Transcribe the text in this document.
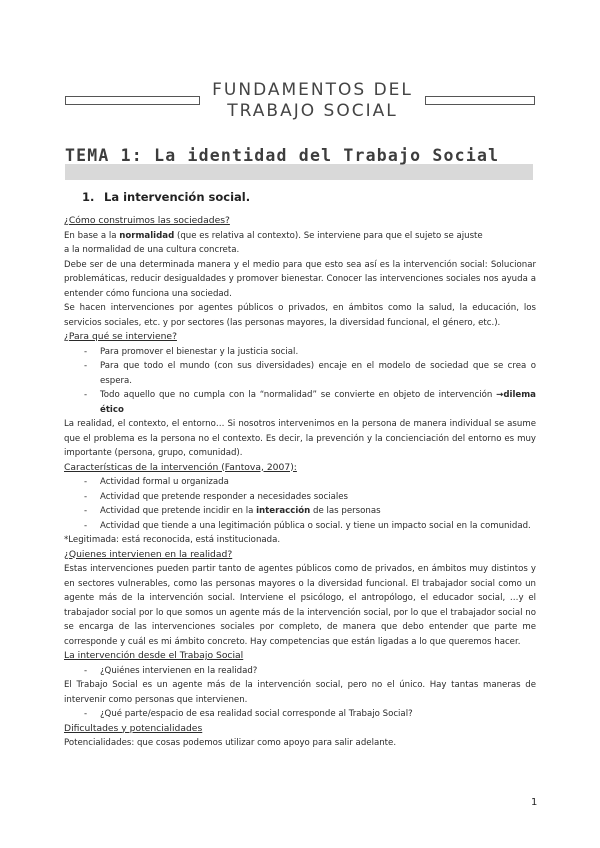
FUNDAMENTOS DEL
TRABAJO SOCIAL
TEMA 1: La identidad del Trabajo Social
1. La intervención social.

¿Cómo construimos las sociedades?

En base a la normalidad (que es relativa al contexto). Se interviene para que el sujeto se ajuste

a la normalidad de una cultura concreta.

Debe ser de una determinada manera y el medio para que esto sea así es la intervención social: Solucionar problemáticas, reducir desigualdades y promover bienestar. Conocer las intervenciones sociales nos ayuda a entender cómo funciona una sociedad.

Se hacen intervenciones por agentes públicos o privados, en ámbitos como la salud, la educación, los servicios sociales, etc. y por sectores (las personas mayores, la diversidad funcional, el género, etc.).

¿Para qué se interviene?

- Para promover el bienestar y la justicia social.
- Para que todo el mundo (con sus diversidades) encaje en el modelo de sociedad que se crea o espera.
- Todo aquello que no cumpla con la “normalidad” se convierte en objeto de intervención →dilema ético

La realidad, el contexto, el entorno… Si nosotros intervenimos en la persona de manera individual se asume que el problema es la persona no el contexto. Es decir, la prevención y la concienciación del entorno es muy importante (persona, grupo, comunidad).

Características de la intervención (Fantova, 2007):

- Actividad formal u organizada
- Actividad que pretende responder a necesidades sociales
- Actividad que pretende incidir en la interacción de las personas
- Actividad que tiende a una legitimación pública o social. y tiene un impacto social en la comunidad.

*Legitimada: está reconocida, está institucionada.

¿Quienes intervienen en la realidad?

Estas intervenciones pueden partir tanto de agentes públicos como de privados, en ámbitos muy distintos y en sectores vulnerables, como las personas mayores o la diversidad funcional. El trabajador social como un agente más de la intervención social. Interviene el psicólogo, el antropólogo, el educador social, …y el trabajador social por lo que somos un agente más de la intervención social, por lo que el trabajador social no se encarga de las intervenciones sociales por completo, de manera que debo entender que parte me corresponde y cuál es mi ámbito concreto. Hay competencias que están ligadas a lo que queremos hacer.

La intervención desde el Trabajo Social

- ¿Quiénes intervienen en la realidad?

El Trabajo Social es un agente más de la intervención social, pero no el único. Hay tantas maneras de intervenir como personas que intervienen.

- ¿Qué parte/espacio de esa realidad social corresponde al Trabajo Social?

Dificultades y potencialidades

Potencialidades: que cosas podemos utilizar como apoyo para salir adelante.

1
